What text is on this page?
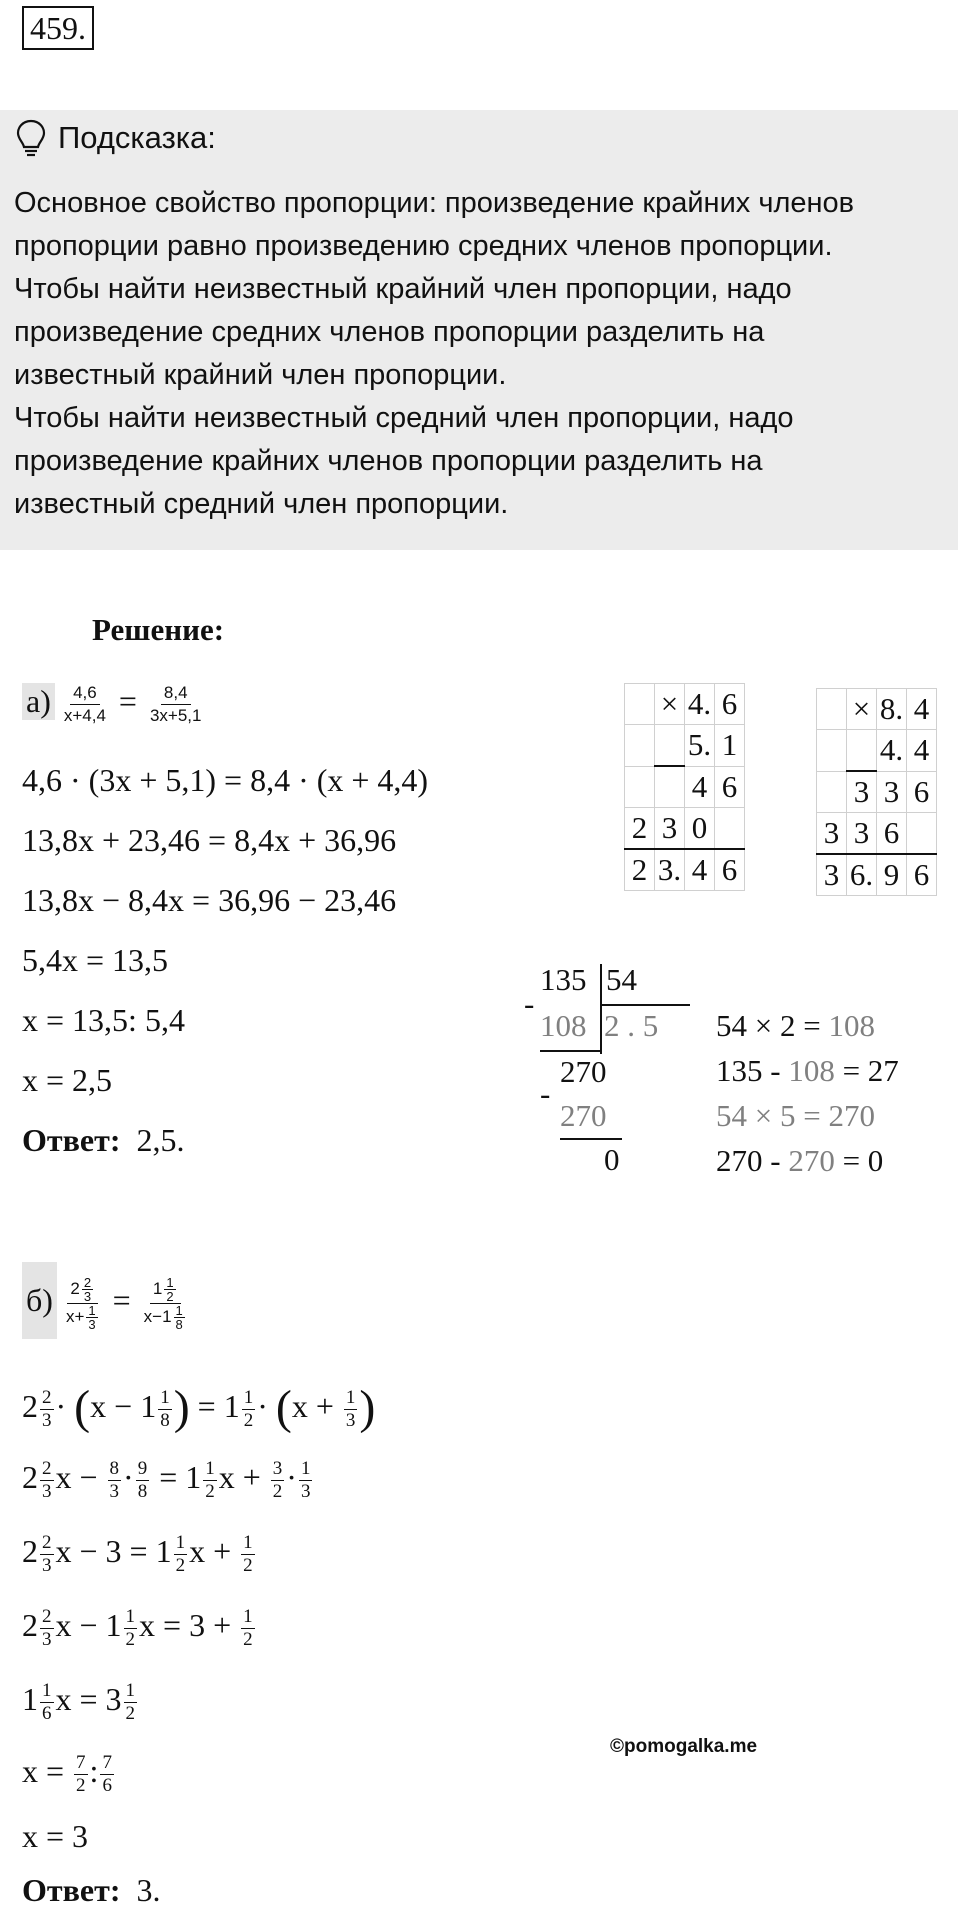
459.
Подсказка:
Основное свойство пропорции: произведение крайних членов
пропорции равно произведению средних членов пропорции.
Чтобы найти неизвестный крайний член пропорции, надо
произведение средних членов пропорции разделить на
известный крайний член пропорции.
Чтобы найти неизвестный средний член пропорции, надо
произведение крайних членов пропорции разделить на
известный средний член пропорции.
Решение:
$а) \frac{4,6}{x+4,4} = \frac{8,4}{3x+5,1}$
4,6 · (3x + 5,1) = 8,4 · (x + 4,4)
13,8x + 23,46 = 8,4x + 36,96
13,8x − 8,4x = 36,96 − 23,46
5,4x = 13,5
x = 13,5: 5,4
x = 2,5
Ответ: 2,5.
	×	4.	6
		5.	1
		4	6
2	3	0	
2	3.	4	6
	×	8.	4
		4.	4
	3	3	6
3	3	6	
3	6.	9	6
135 54
-
108 2 . 5
270
-
270
0
54 × 2 = 108
135 - 108 = 27
54 × 5 = 270
270 - 270 = 0
$б) \frac{2 \frac{2}{3}}{x+ \frac{1}{3}} = \frac{1 \frac{1}{2}}{x-1 \frac{1}{8}}$
$2 \frac{2}{3} \cdot (x - 1 \frac{1}{8}$ ) = $1 \frac{1}{2} \cdot (x + \frac{1}{3}$ )
$2 \frac{2}{3}$ $x - \frac{8}{3} \cdot \frac{9}{8} = 1 \frac{1}{2}$ $x + \frac{3}{2} \cdot \frac{1}{3}$
$2 \frac{2}{3}$ $x - 3 = 1 \frac{1}{2}$ $x + \frac{1}{2}$
$2 \frac{2}{3}$ $x - 1 \frac{1}{2}$ $x = 3 + \frac{1}{2}$
$1 \frac{1}{6}$ $x = 3 \frac{1}{2}$
$x = \frac{7}{2}$ : $\frac{7}{6}$
x = 3
Ответ: 3.
©pomogalka.me
